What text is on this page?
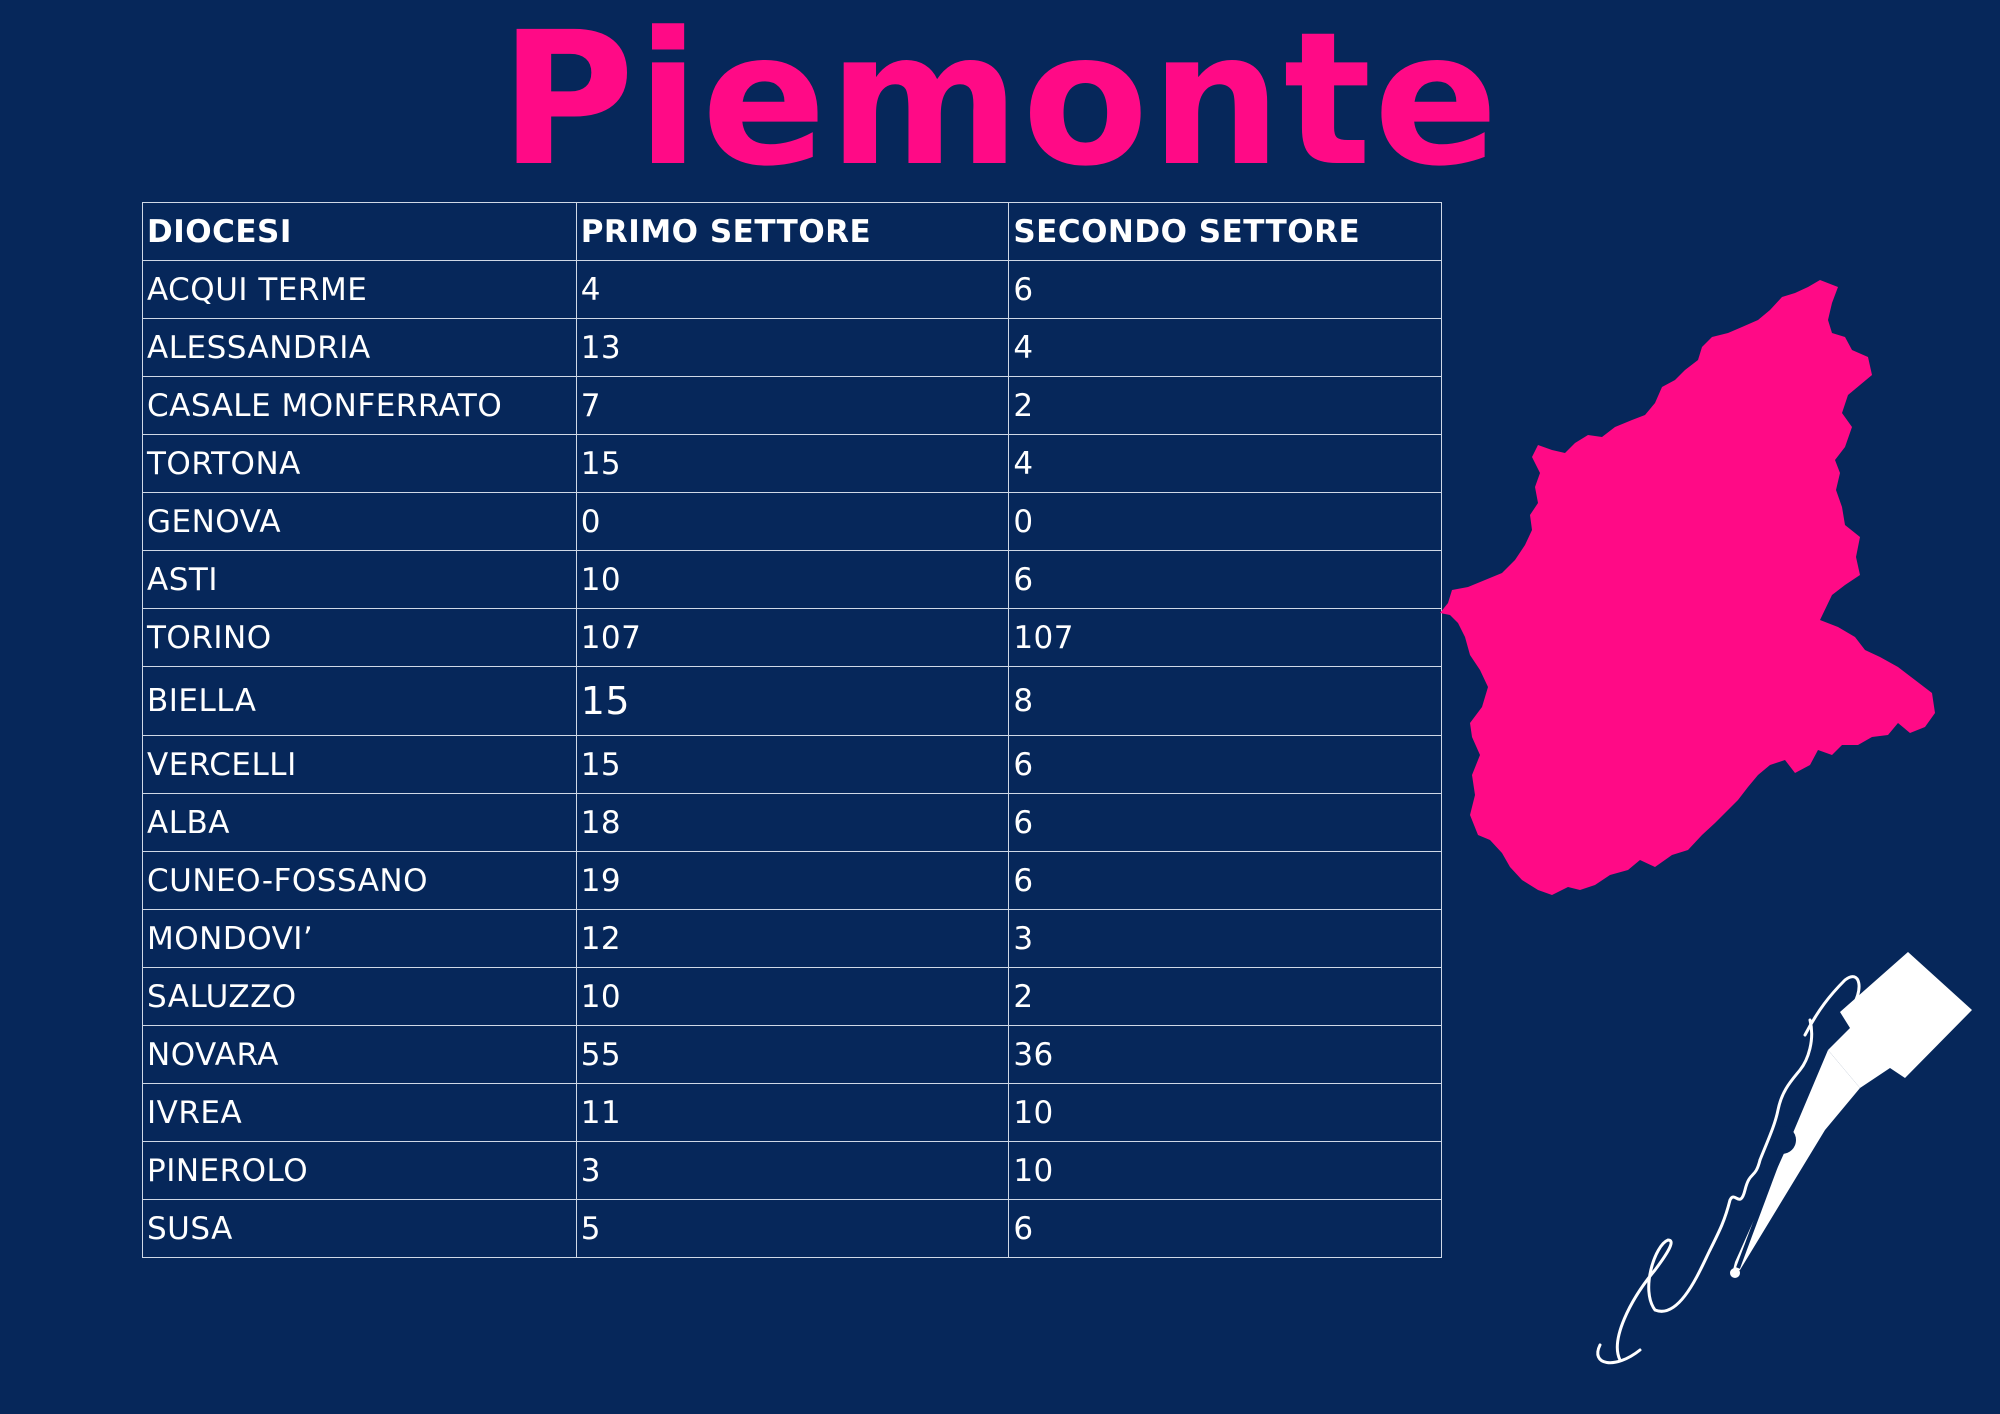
Piemonte
DIOCESI	PRIMO SETTORE	SECONDO SETTORE
ACQUI TERME	4	6
ALESSANDRIA	13	4
CASALE MONFERRATO	7	2
TORTONA	15	4
GENOVA	0	0
ASTI	10	6
TORINO	107	107
BIELLA	15	8
VERCELLI	15	6
ALBA	18	6
CUNEO-FOSSANO	19	6
MONDOVI’	12	3
SALUZZO	10	2
NOVARA	55	36
IVREA	11	10
PINEROLO	3	10
SUSA	5	6
